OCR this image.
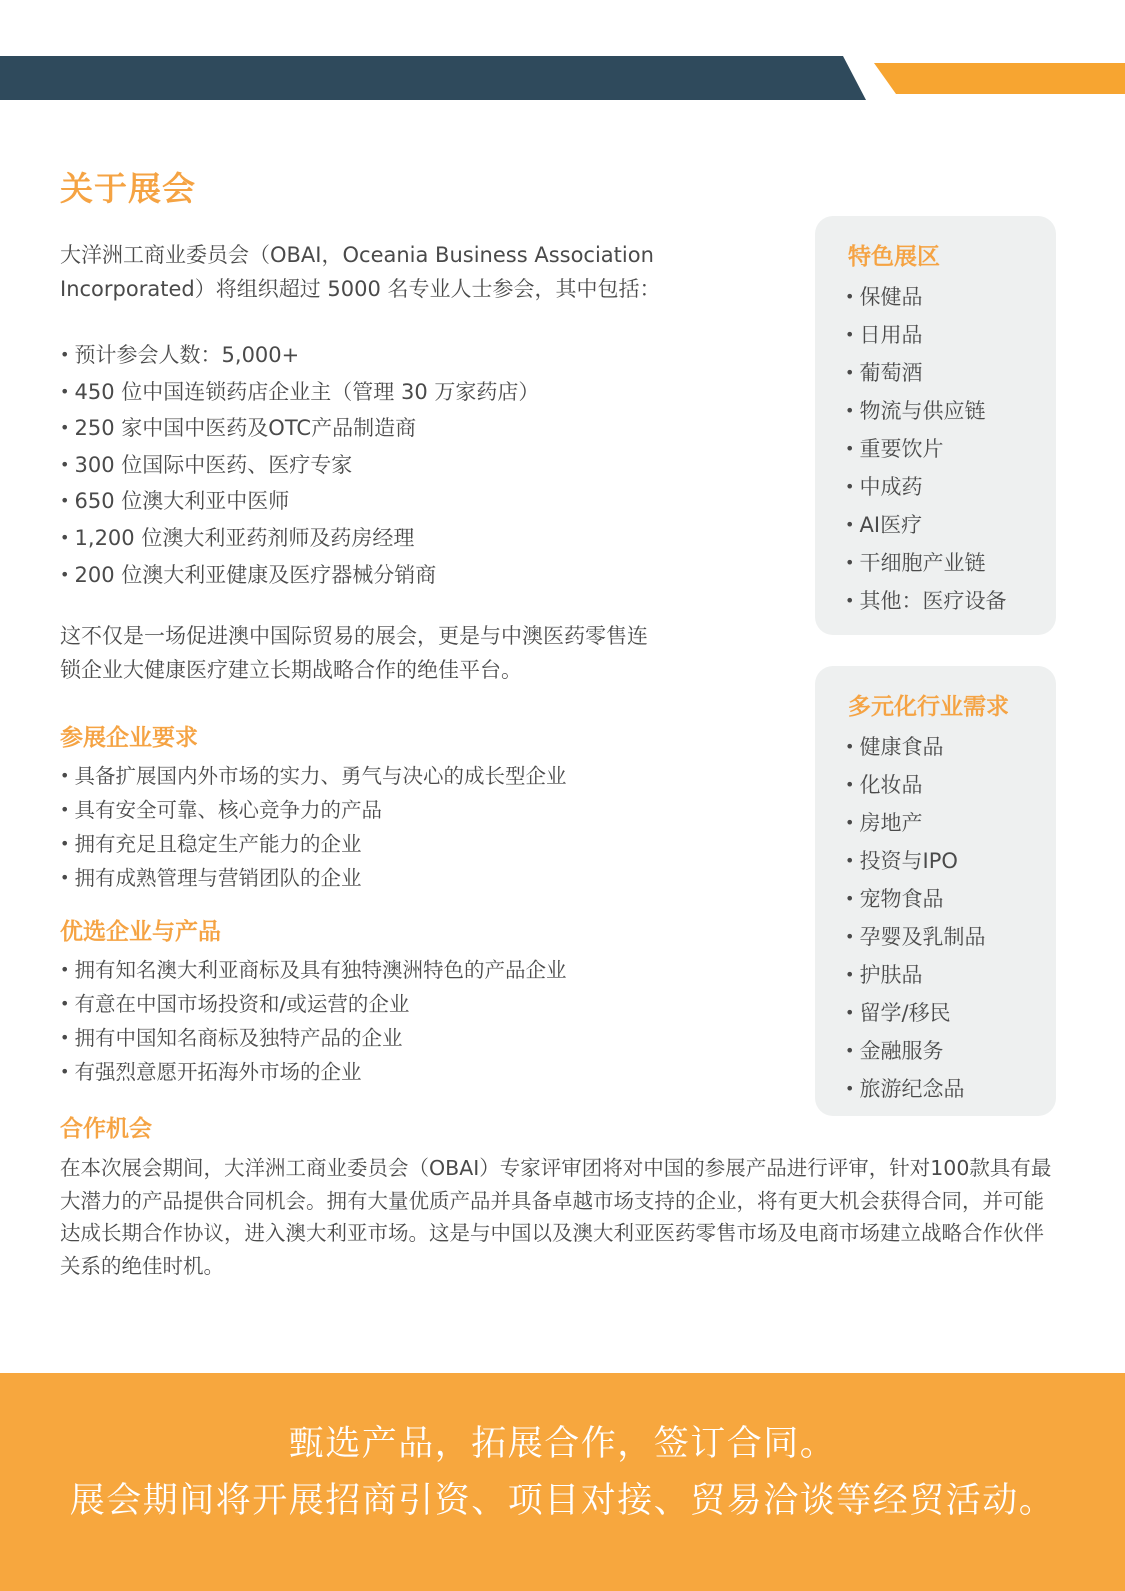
关于展会
大洋洲工商业委员会（OBAI，Oceania Business Association
Incorporated）将组织超过 5000 名专业人士参会，其中包括：
• 预计参会人数：5,000+
• 450 位中国连锁药店企业主（管理 30 万家药店）
• 250 家中国中医药及OTC产品制造商
• 300 位国际中医药、医疗专家
• 650 位澳大利亚中医师
• 1,200 位澳大利亚药剂师及药房经理
• 200 位澳大利亚健康及医疗器械分销商
这不仅是一场促进澳中国际贸易的展会，更是与中澳医药零售连
锁企业大健康医疗建立长期战略合作的绝佳平台。
参展企业要求
• 具备扩展国内外市场的实力、勇气与决心的成长型企业
• 具有安全可靠、核心竞争力的产品
• 拥有充足且稳定生产能力的企业
• 拥有成熟管理与营销团队的企业
优选企业与产品
• 拥有知名澳大利亚商标及具有独特澳洲特色的产品企业
• 有意在中国市场投资和/或运营的企业
• 拥有中国知名商标及独特产品的企业
• 有强烈意愿开拓海外市场的企业
合作机会
在本次展会期间，大洋洲工商业委员会（OBAI）专家评审团将对中国的参展产品进行评审，针对100款具有最大潜力的产品提供合同机会。拥有大量优质产品并具备卓越市场支持的企业，将有更大机会获得合同，并可能达成长期合作协议，进入澳大利亚市场。这是与中国以及澳大利亚医药零售市场及电商市场建立战略合作伙伴关系的绝佳时机。
特色展区
• 保健品
• 日用品
• 葡萄酒
• 物流与供应链
• 重要饮片
• 中成药
• AI医疗
• 干细胞产业链
• 其他：医疗设备
多元化行业需求
• 健康食品
• 化妆品
• 房地产
• 投资与IPO
• 宠物食品
• 孕婴及乳制品
• 护肤品
• 留学/移民
• 金融服务
• 旅游纪念品
甄选产品，拓展合作，签订合同。
展会期间将开展招商引资、项目对接、贸易洽谈等经贸活动。
